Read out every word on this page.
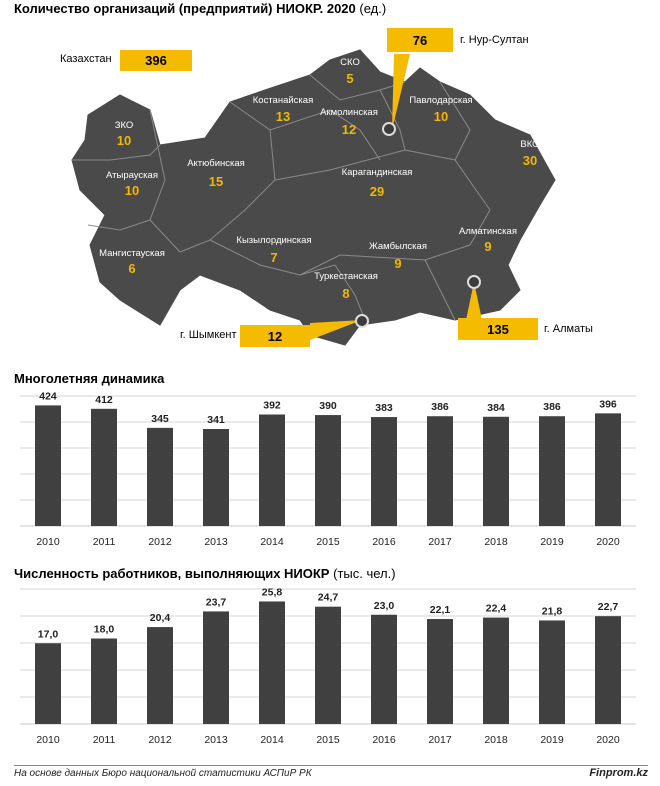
Количество организаций (предприятий) НИОКР. 2020 (ед.)
ЗКО
10
Атырауская
10
Мангистауская
6
Актюбинская
15
Костанайская
13
СКО
5
Акмолинская
12
Павлодарская
10
ВКО
30
Карагандинская
29
Кызылординская
7
Жамбылская
9
Алматинская
9
Туркестанская
8
Казахстан	396
76	г. Нур-Султан
г. Шымкент	12	135	г. Алматы
Многолетняя динамика
424
2010
412
2011
345
2012
341
2013
392
2014
390
2015
383
2016
386
2017
384
2018
386
2019
396
2020
Численность работников, выполняющих НИОКР (тыс. чел.)
17,0
2010
18,0
2011
20,4
2012
23,7
2013
25,8
2014
24,7
2015
23,0
2016
22,1
2017
22,4
2018
21,8
2019
22,7
2020
На основе данных Бюро национальной статистики АСПиР РК	Finprom.kz
